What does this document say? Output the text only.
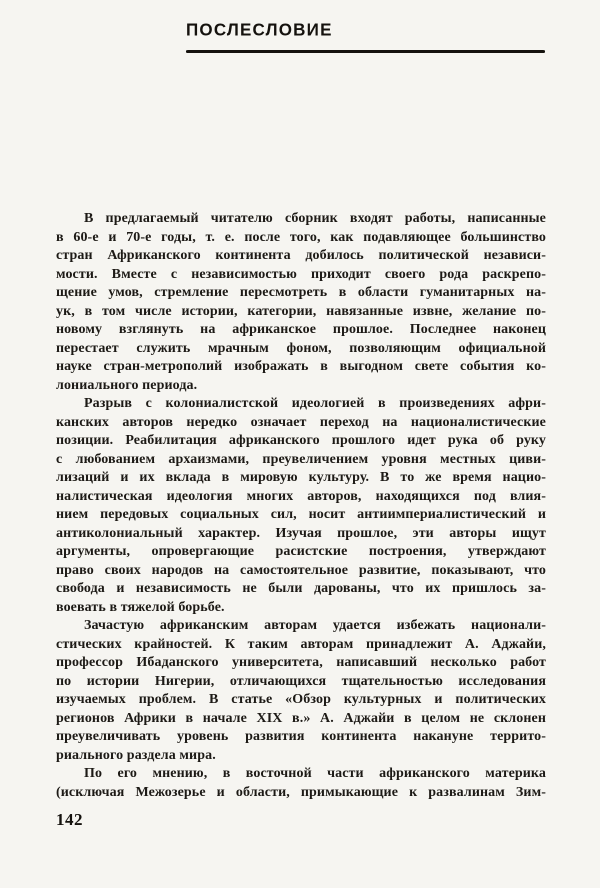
ПОСЛЕСЛОВИЕ
В предлагаемый читателю сборник входят работы, написанные
в 60-е и 70-е годы, т. е. после того, как подавляющее большинство
стран Африканского континента добилось политической независи-
мости. Вместе с независимостью приходит своего рода раскрепо-
щение умов, стремление пересмотреть в области гуманитарных на-
ук, в том числе истории, категории, навязанные извне, желание по-
новому взглянуть на африканское прошлое. Последнее наконец
перестает служить мрачным фоном, позволяющим официальной
науке стран-метрополий изображать в выгодном свете события ко-
лониального периода.
Разрыв с колониалистской идеологией в произведениях афри-
канских авторов нередко означает переход на националистические
позиции. Реабилитация африканского прошлого идет рука об руку
с любованием архаизмами, преувеличением уровня местных циви-
лизаций и их вклада в мировую культуру. В то же время нацио-
налистическая идеология многих авторов, находящихся под влия-
нием передовых социальных сил, носит антиимпериалистический и
антиколониальный характер. Изучая прошлое, эти авторы ищут
аргументы, опровергающие расистские построения, утверждают
право своих народов на самостоятельное развитие, показывают, что
свобода и независимость не были дарованы, что их пришлось за-
воевать в тяжелой борьбе.
Зачастую африканским авторам удается избежать национали-
стических крайностей. К таким авторам принадлежит А. Аджайи,
профессор Ибаданского университета, написавший несколько работ
по истории Нигерии, отличающихся тщательностью исследования
изучаемых проблем. В статье «Обзор культурных и политических
регионов Африки в начале XIX в.» А. Аджайи в целом не склонен
преувеличивать уровень развития континента накануне террито-
риального раздела мира.
По его мнению, в восточной части африканского материка
(исключая Межозерье и области, примыкающие к развалинам Зим-
142
